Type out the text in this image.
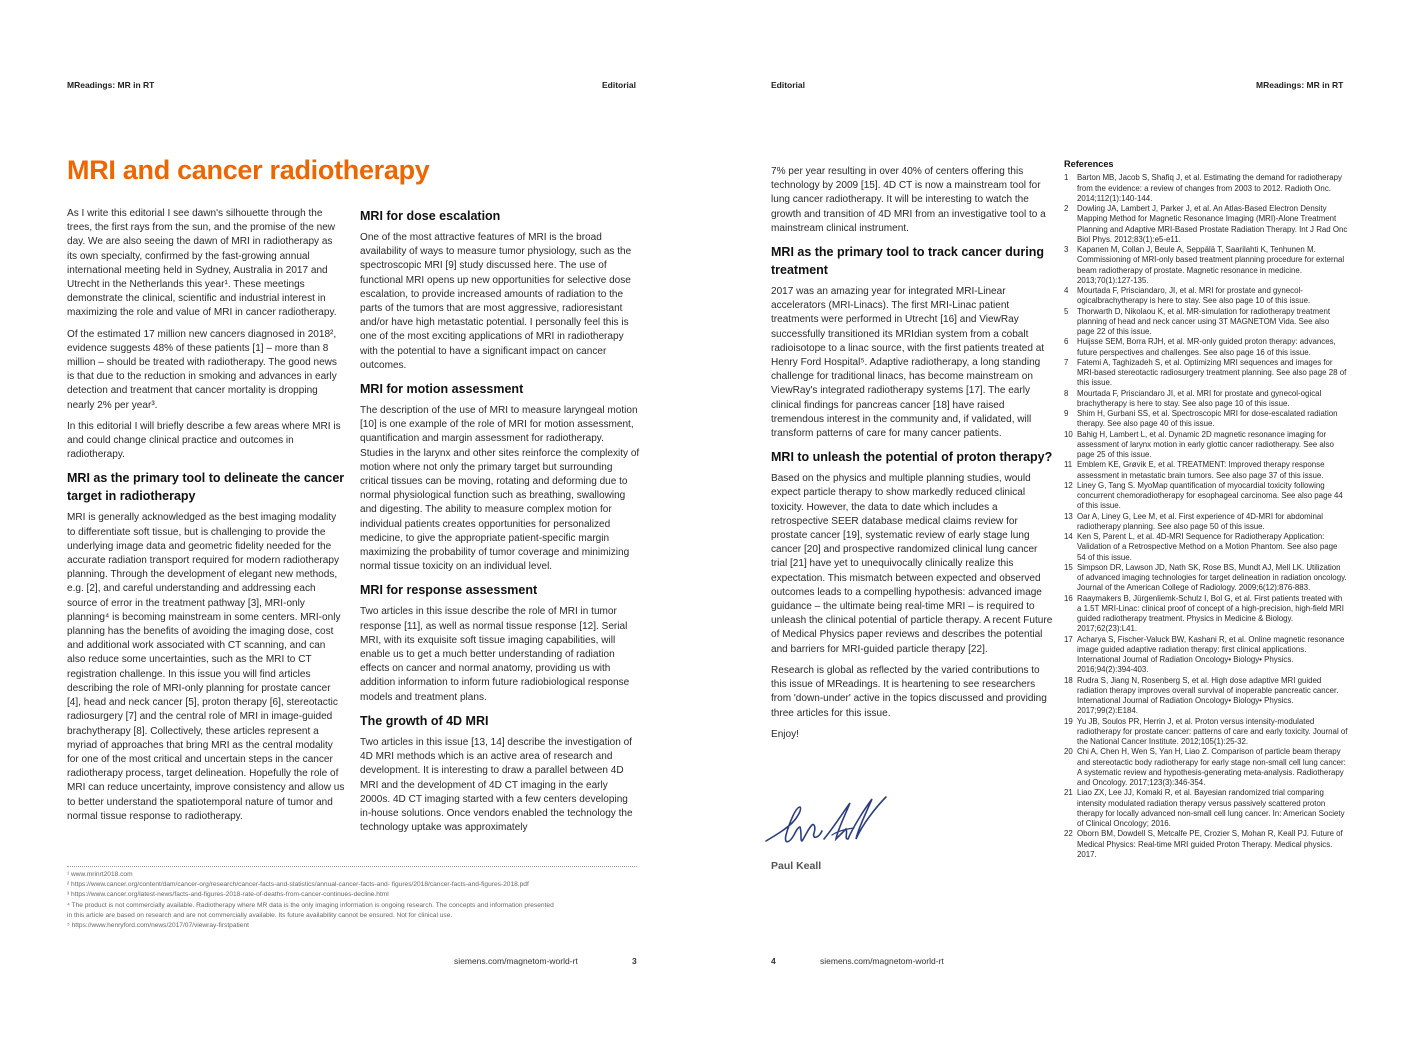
MReadings: MR in RT	Editorial	Editorial	MReadings: MR in RT
MRI and cancer radiotherapy

As I write this editorial I see dawn's silhouette through the trees, the first rays from the sun, and the promise of the new day. We are also seeing the dawn of MRI in radiotherapy as its own specialty, confirmed by the fast-growing annual international meeting held in Sydney, Australia in 2017 and Utrecht in the Netherlands this year¹. These meetings demonstrate the clinical, scientific and industrial interest in maximizing the role and value of MRI in cancer radiotherapy.

Of the estimated 17 million new cancers diagnosed in 2018², evidence suggests 48% of these patients [1] – more than 8 million – should be treated with radiotherapy. The good news is that due to the reduction in smoking and advances in early detection and treatment that cancer mortality is dropping nearly 2% per year³.

In this editorial I will briefly describe a few areas where MRI is and could change clinical practice and outcomes in radiotherapy.

MRI as the primary tool to delineate the cancer target in radiotherapy

MRI is generally acknowledged as the best imaging modality to differentiate soft tissue, but is challenging to provide the underlying image data and geometric fidelity needed for the accurate radiation transport required for modern radiotherapy planning. Through the development of elegant new methods, e.g. [2], and careful understanding and addressing each source of error in the treatment pathway [3], MRI-only planning⁴ is becoming mainstream in some centers. MRI-only planning has the benefits of avoiding the imaging dose, cost and additional work associated with CT scanning, and can also reduce some uncertainties, such as the MRI to CT registration challenge. In this issue you will find articles describing the role of MRI-only planning for prostate cancer [4], head and neck cancer [5], proton therapy [6], stereotactic radiosurgery [7] and the central role of MRI in image-guided brachytherapy [8]. Collectively, these articles represent a myriad of approaches that bring MRI as the central modality for one of the most critical and uncertain steps in the cancer radiotherapy process, target delineation. Hopefully the role of MRI can reduce uncertainty, improve consistency and allow us to better understand the spatiotemporal nature of tumor and normal tissue response to radiotherapy.

MRI for dose escalation

One of the most attractive features of MRI is the broad availability of ways to measure tumor physiology, such as the spectroscopic MRI [9] study discussed here. The use of functional MRI opens up new opportunities for selective dose escalation, to provide increased amounts of radiation to the parts of the tumors that are most aggressive, radioresistant and/or have high metastatic potential. I personally feel this is one of the most exciting applications of MRI in radiotherapy with the potential to have a significant impact on cancer outcomes.

MRI for motion assessment

The description of the use of MRI to measure laryngeal motion [10] is one example of the role of MRI for motion assessment, quantification and margin assessment for radiotherapy. Studies in the larynx and other sites reinforce the complexity of motion where not only the primary target but surrounding critical tissues can be moving, rotating and deforming due to normal physiological function such as breathing, swallowing and digesting. The ability to measure complex motion for individual patients creates opportunities for personalized medicine, to give the appropriate patient-specific margin maximizing the probability of tumor coverage and minimizing normal tissue toxicity on an individual level.

MRI for response assessment

Two articles in this issue describe the role of MRI in tumor response [11], as well as normal tissue response [12]. Serial MRI, with its exquisite soft tissue imaging capabilities, will enable us to get a much better understanding of radiation effects on cancer and normal anatomy, providing us with addition information to inform future radiobiological response models and treatment plans.

The growth of 4D MRI

Two articles in this issue [13, 14] describe the investigation of 4D MRI methods which is an active area of research and development. It is interesting to draw a parallel between 4D MRI and the development of 4D CT imaging in the early 2000s. 4D CT imaging started with a few centers developing in-house solutions. Once vendors enabled the technology the technology uptake was approximately

¹ www.mrinrt2018.com
² https://www.cancer.org/content/dam/cancer-org/research/cancer-facts-and-statistics/annual-cancer-facts-and- figures/2018/cancer-facts-and-figures-2018.pdf
³ https://www.cancer.org/latest-news/facts-and-figures-2018-rate-of-deaths-from-cancer-continues-decline.html
⁴ The product is not commercially available. Radiotherapy where MR data is the only imaging information is ongoing research. The concepts and information presented
in this article are based on research and are not commercially available. Its future availability cannot be ensured. Not for clinical use.
⁵ https://www.henryford.com/news/2017/07/viewray-firstpatient
siemens.com/magnetom-world-rt	3	4	siemens.com/magnetom-world-rt

7% per year resulting in over 40% of centers offering this technology by 2009 [15]. 4D CT is now a mainstream tool for lung cancer radiotherapy. It will be interesting to watch the growth and transition of 4D MRI from an investigative tool to a mainstream clinical instrument.

MRI as the primary tool to track cancer during treatment

2017 was an amazing year for integrated MRI-Linear accelerators (MRI-Linacs). The first MRI-Linac patient treatments were performed in Utrecht [16] and ViewRay successfully transitioned its MRIdian system from a cobalt radioisotope to a linac source, with the first patients treated at Henry Ford Hospital⁵. Adaptive radiotherapy, a long standing challenge for traditional linacs, has become mainstream on ViewRay's integrated radiotherapy systems [17]. The early clinical findings for pancreas cancer [18] have raised tremendous interest in the community and, if validated, will transform patterns of care for many cancer patients.

MRI to unleash the potential of proton therapy?

Based on the physics and multiple planning studies, would expect particle therapy to show markedly reduced clinical toxicity. However, the data to date which includes a retrospective SEER database medical claims review for prostate cancer [19], systematic review of early stage lung cancer [20] and prospective randomized clinical lung cancer trial [21] have yet to unequivocally clinically realize this expectation. This mismatch between expected and observed outcomes leads to a compelling hypothesis: advanced image guidance – the ultimate being real-time MRI – is required to unleash the clinical potential of particle therapy. A recent Future of Medical Physics paper reviews and describes the potential and barriers for MRI-guided particle therapy [22].

Research is global as reflected by the varied contributions to this issue of MReadings. It is heartening to see researchers from 'down-under' active in the topics discussed and providing three articles for this issue.

Enjoy!

Paul Keall
References
1	Barton MB, Jacob S, Shafiq J, et al. Estimating the demand for radiotherapy from the evidence: a review of changes from 2003 to 2012. Radioth Onc. 2014;112(1):140-144.
2	Dowling JA, Lambert J, Parker J, et al. An Atlas-Based Electron Density Mapping Method for Magnetic Resonance Imaging (MRI)-Alone Treatment Planning and Adaptive MRI-Based Prostate Radiation Therapy. Int J Rad Onc Biol Phys. 2012;83(1):e5-e11.
3	Kapanen M, Collan J, Beule A, Seppälä T, Saarilahti K, Tenhunen M. Commissioning of MRI-only based treatment planning procedure for external beam radiotherapy of prostate. Magnetic resonance in medicine. 2013;70(1):127-135.
4	Mourtada F, Prisciandaro, JI, et al. MRI for prostate and gynecol-ogicalbrachytherapy is here to stay. See also page 10 of this issue.
5	Thorwarth D, Nikolaou K, et al. MR-simulation for radiotherapy treatment planning of head and neck cancer using 3T MAGNETOM Vida. See also page 22 of this issue.
6	Huijsse SEM, Borra RJH, et al. MR-only guided proton therapy: advances, future perspectives and challenges. See also page 16 of this issue.
7	Fatemi A, Taghizadeh S, et al. Optimizing MRI sequences and images for MRI-based stereotactic radiosurgery treatment planning. See also page 28 of this issue.
8	Mourtada F, Prisciandaro JI, et al. MRI for prostate and gynecol-ogical brachytherapy is here to stay. See also page 10 of this issue.
9	Shim H, Gurbani SS, et al. Spectroscopic MRI for dose-escalated radiation therapy. See also page 40 of this issue.
10 Bahig H, Lambert L, et al. Dynamic 2D magnetic resonance imaging for assessment of larynx motion in early glottic cancer radiotherapy. See also page 25 of this issue.
11 Emblem KE, Grøvik E, et al. TREATMENT: Improved therapy response assessment in metastatic brain tumors. See also page 37 of this issue.
12 Liney G, Tang S. MyoMap quantification of myocardial toxicity following concurrent chemoradiotherapy for esophageal carcinoma. See also page 44 of this issue.
13 Oar A, Liney G, Lee M, et al. First experience of 4D-MRI for abdominal radiotherapy planning. See also page 50 of this issue.
14 Ken S, Parent L, et al. 4D-MRI Sequence for Radiotherapy Application: Validation of a Retrospective Method on a Motion Phantom. See also page 54 of this issue.
15 Simpson DR, Lawson JD, Nath SK, Rose BS, Mundt AJ, Mell LK. Utilization of advanced imaging technologies for target delineation in radiation oncology. Journal of the American College of Radiology. 2009;6(12):876-883.
16 Raaymakers B, Jürgenliemk-Schulz I, Bol G, et al. First patients treated with a 1.5T MRI-Linac: clinical proof of concept of a high-precision, high-field MRI guided radiotherapy treatment. Physics in Medicine & Biology. 2017;62(23):L41.
17 Acharya S, Fischer-Valuck BW, Kashani R, et al. Online magnetic resonance image guided adaptive radiation therapy: first clinical applications. International Journal of Radiation Oncology• Biology• Physics. 2016;94(2):394-403.
18 Rudra S, Jiang N, Rosenberg S, et al. High dose adaptive MRI guided radiation therapy improves overall survival of inoperable pancreatic cancer. International Journal of Radiation Oncology• Biology• Physics. 2017;99(2):E184.
19 Yu JB, Soulos PR, Herrin J, et al. Proton versus intensity-modulated radiotherapy for prostate cancer: patterns of care and early toxicity. Journal of the National Cancer Institute. 2012;105(1):25-32.
20 Chi A, Chen H, Wen S, Yan H, Liao Z. Comparison of particle beam therapy and stereotactic body radiotherapy for early stage non-small cell lung cancer: A systematic review and hypothesis-generating meta-analysis. Radiotherapy and Oncology. 2017;123(3):346-354.
21 Liao ZX, Lee JJ, Komaki R, et al. Bayesian randomized trial comparing intensity modulated radiation therapy versus passively scattered proton therapy for locally advanced non-small cell lung cancer. In: American Society of Clinical Oncology; 2016.
22 Oborn BM, Dowdell S, Metcalfe PE, Crozier S, Mohan R, Keall PJ. Future of Medical Physics: Real-time MRI guided Proton Therapy. Medical physics. 2017.
